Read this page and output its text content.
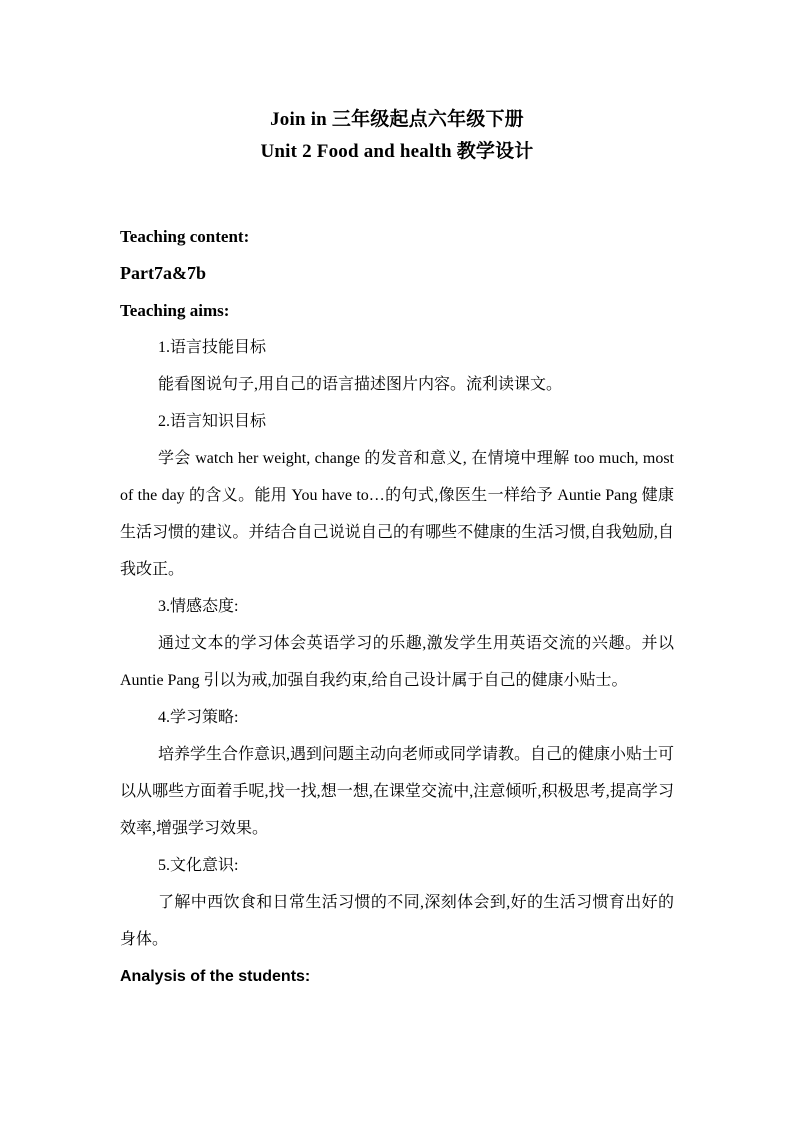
Join in 三年级起点六年级下册

Unit 2 Food and health 教学设计

Teaching content:

Part7a&7b

Teaching aims:

1.语言技能目标

能看图说句子,用自己的语言描述图片内容。流利读课文。

2.语言知识目标

学会 watch her weight, change 的发音和意义, 在情境中理解 too much, most of the day 的含义。能用 You have to…的句式,像医生一样给予 Auntie Pang 健康生活习惯的建议。并结合自己说说自己的有哪些不健康的生活习惯,自我勉励,自我改正。

3.情感态度:

通过文本的学习体会英语学习的乐趣,激发学生用英语交流的兴趣。并以 Auntie Pang 引以为戒,加强自我约束,给自己设计属于自己的健康小贴士。

4.学习策略:

培养学生合作意识,遇到问题主动向老师或同学请教。自己的健康小贴士可以从哪些方面着手呢,找一找,想一想,在课堂交流中,注意倾听,积极思考,提高学习效率,增强学习效果。

5.文化意识:

了解中西饮食和日常生活习惯的不同,深刻体会到,好的生活习惯育出好的身体。

Analysis of the students:
